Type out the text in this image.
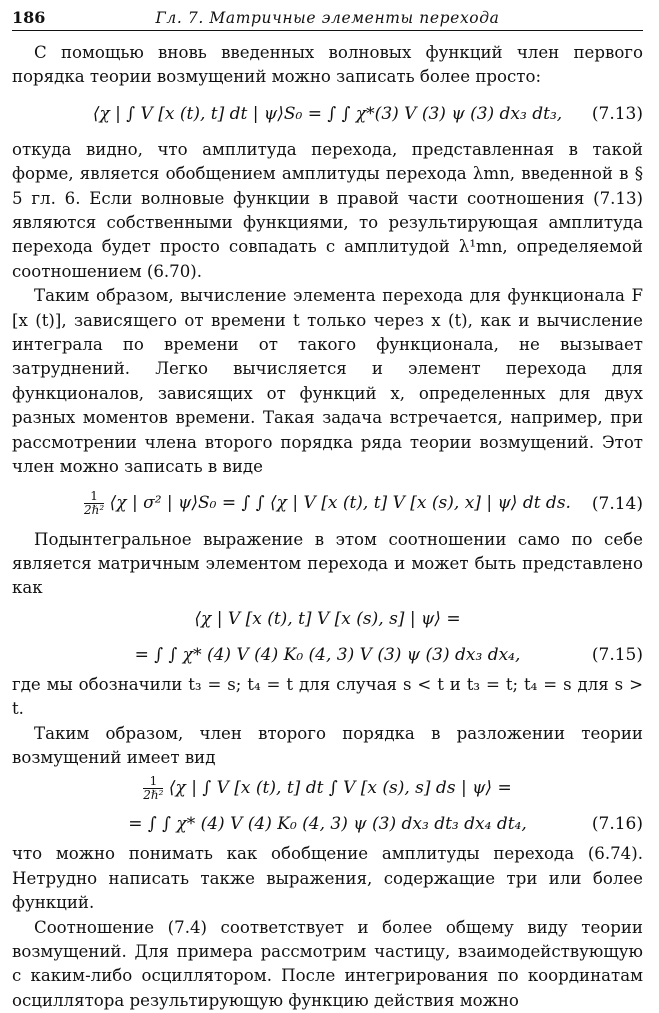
186	Гл. 7. Матричные элементы перехода

С помощью вновь введенных волновых функций член первого порядка теории возмущений можно записать более просто:

⟨χ | ∫ V [x (t), t] dt | ψ⟩S₀ = ∫ ∫ χ*(3) V (3) ψ (3) dx₃ dt₃, (7.13)

откуда видно, что амплитуда перехода, представленная в такой форме, является обобщением амплитуды перехода λmn, введенной в § 5 гл. 6. Если волновые функции в правой части соотношения (7.13) являются собственными функциями, то результирующая амплитуда перехода будет просто совпадать с амплитудой λ¹mn, определяемой соотношением (6.70).

Таким образом, вычисление элемента перехода для функционала F [x (t)], зависящего от времени t только через x (t), как и вычисление интеграла по времени от такого функционала, не вызывает затруднений. Легко вычисляется и элемент перехода для функционалов, зависящих от функций x, определенных для двух разных моментов времени. Такая задача встречается, например, при рассмотрении члена второго порядка ряда теории возмущений. Этот член можно записать в виде

$\frac{1}{\text{2ℏ²}}$ ⟨χ | σ² | ψ⟩S₀ = ∫ ∫ ⟨χ | V [x (t), t] V [x (s), x] | ψ⟩ dt ds. (7.14)

Подынтегральное выражение в этом соотношении само по себе является матричным элементом перехода и может быть представлено как

⟨χ | V [x (t), t] V [x (s), s] | ψ⟩ =
= ∫ ∫ χ* (4) V (4) K₀ (4, 3) V (3) ψ (3) dx₃ dx₄,	(7.15)

где мы обозначили t₃ = s; t₄ = t для случая s < t и t₃ = t; t₄ = s для s > t.

Таким образом, член второго порядка в разложении теории возмущений имеет вид

$\frac{1}{\text{2ℏ²}}$ ⟨χ | ∫ V [x (t), t] dt ∫ V [x (s), s] ds | ψ⟩ =
= ∫ ∫ χ* (4) V (4) K₀ (4, 3) ψ (3) dx₃ dt₃ dx₄ dt₄,	(7.16)

что можно понимать как обобщение амплитуды перехода (6.74). Нетрудно написать также выражения, содержащие три или более функций.

Соотношение (7.4) соответствует и более общему виду теории возмущений. Для примера рассмотрим частицу, взаимодействующую с каким-либо осциллятором. После интегрирования по координатам осциллятора результирующую функцию действия можно
